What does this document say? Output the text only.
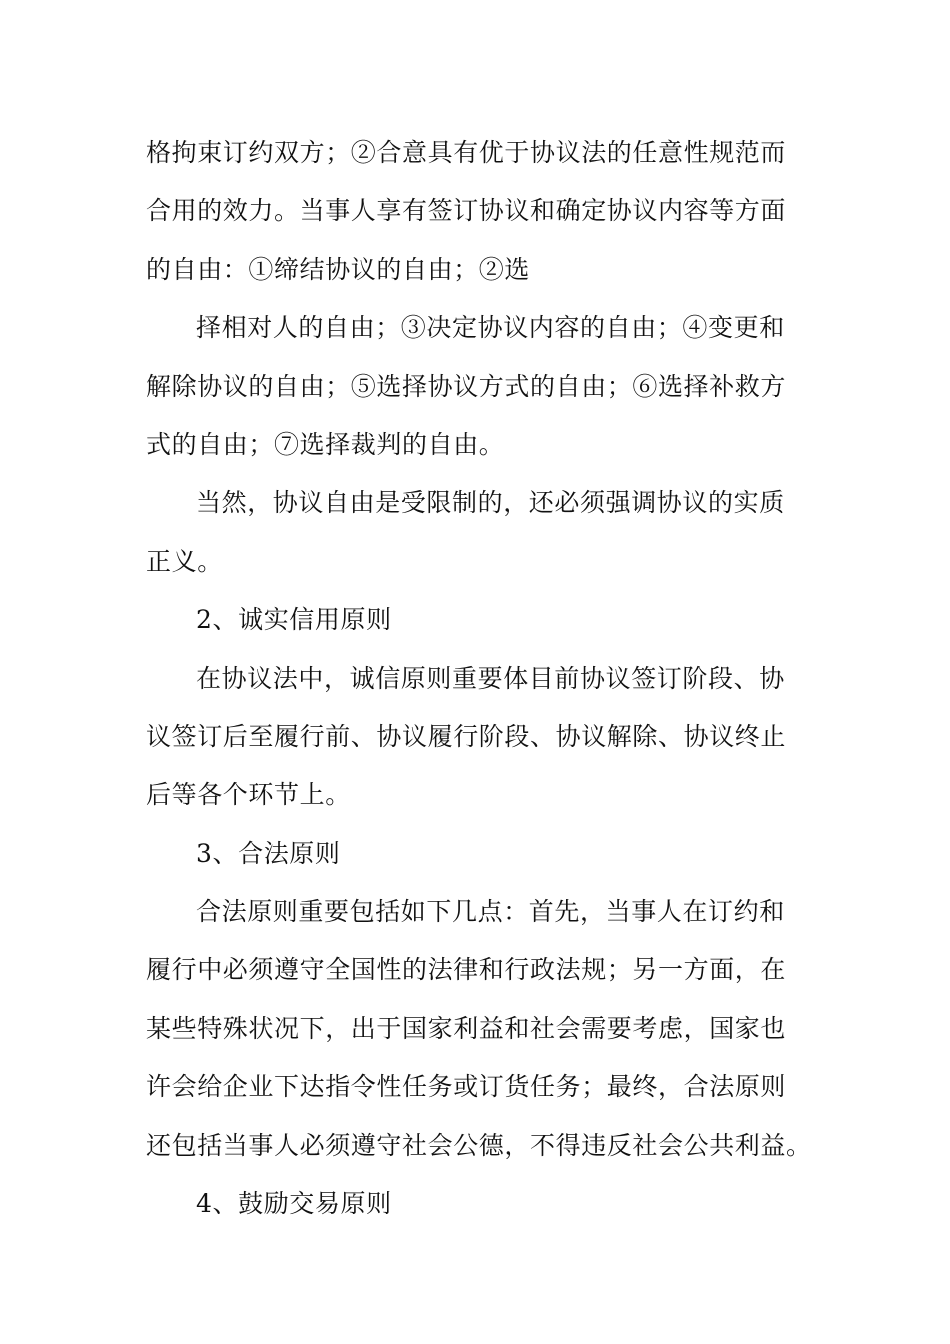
格拘束订约双方；②合意具有优于协议法的任意性规范而
合用的效力。当事人享有签订协议和确定协议内容等方面
的自由：①缔结协议的自由；②选
择相对人的自由；③决定协议内容的自由；④变更和
解除协议的自由；⑤选择协议方式的自由；⑥选择补救方
式的自由；⑦选择裁判的自由。
当然，协议自由是受限制的，还必须强调协议的实质
正义。
2、诚实信用原则
在协议法中，诚信原则重要体目前协议签订阶段、协
议签订后至履行前、协议履行阶段、协议解除、协议终止
后等各个环节上。
3、合法原则
合法原则重要包括如下几点：首先，当事人在订约和
履行中必须遵守全国性的法律和行政法规；另一方面，在
某些特殊状况下，出于国家利益和社会需要考虑，国家也
许会给企业下达指令性任务或订货任务；最终，合法原则
还包括当事人必须遵守社会公德，不得违反社会公共利益。
4、鼓励交易原则
